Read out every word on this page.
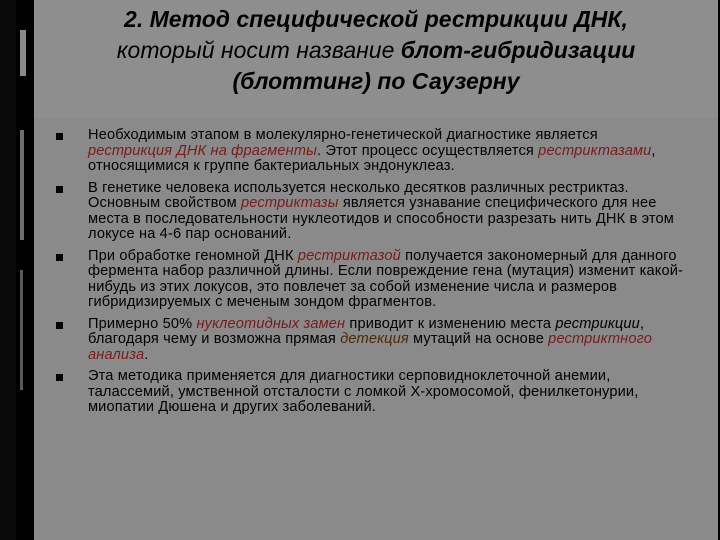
2. Метод специфической рестрикции ДНК,
который носит название блот-гибридизации
(блоттинг) по Саузерну
Необходимым этапом в молекулярно-генетической диагностике является рестрикция ДНК на фрагменты. Этот процесс осуществляется рестриктазами, относящимися к группе бактериальных эндонуклеаз.
В генетике человека используется несколько десятков различных рестриктаз. Основным свойством рестриктазы является узнавание специфического для нее места в последовательности нуклеотидов и способности разрезать нить ДНК в этом локусе на 4-6 пар оснований.
При обработке геномной ДНК рестриктазой получается закономерный для данного фермента набор различной длины. Если повреждение гена (мутация) изменит какой-нибудь из этих локусов, это повлечет за собой изменение числа и размеров гибридизируемых с меченым зондом фрагментов.
Примерно 50% нуклеотидных замен приводит к изменению места рестрикции, благодаря чему и возможна прямая детекция мутаций на основе рестриктного анализа.
Эта методика применяется для диагностики серповидноклеточной анемии, талассемий, умственной отсталости с ломкой Х-хромосомой, фенилкетонурии, миопатии Дюшена и других заболеваний.
